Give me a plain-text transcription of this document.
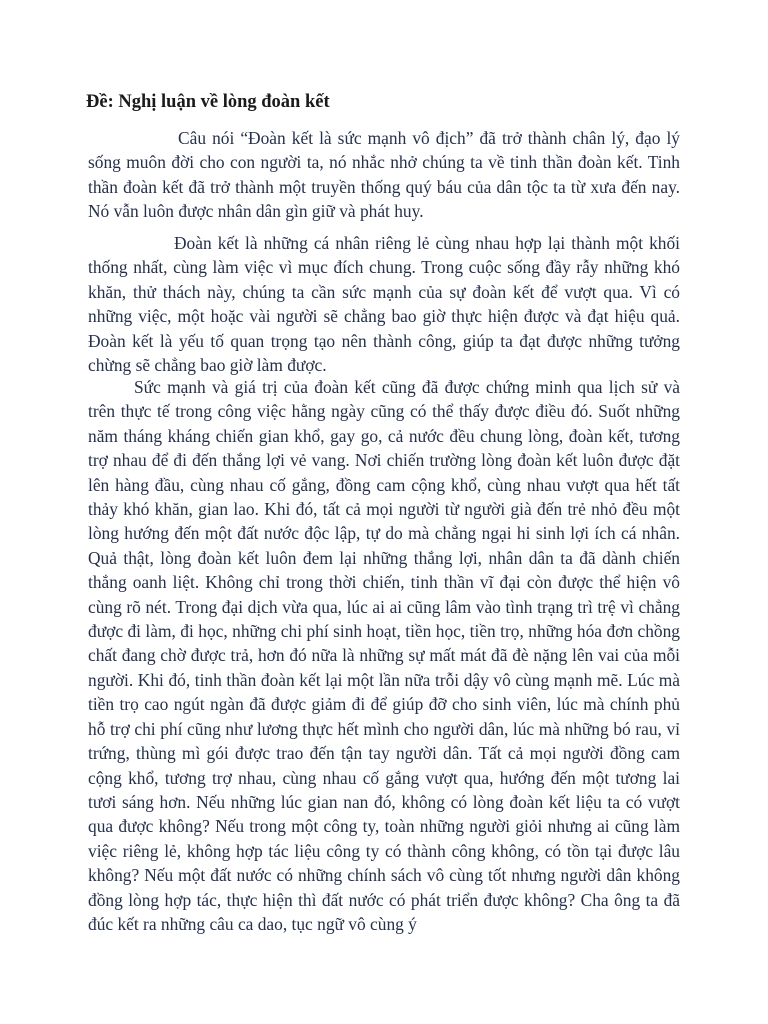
Đề: Nghị luận về lòng đoàn kết

Câu nói “Đoàn kết là sức mạnh vô địch” đã trở thành chân lý, đạo lý sống muôn đời cho con người ta, nó nhắc nhở chúng ta về tinh thần đoàn kết. Tinh thần đoàn kết đã trở thành một truyền thống quý báu của dân tộc ta từ xưa đến nay. Nó vẫn luôn được nhân dân gìn giữ và phát huy.

Đoàn kết là những cá nhân riêng lẻ cùng nhau hợp lại thành một khối thống nhất, cùng làm việc vì mục đích chung. Trong cuộc sống đầy rẫy những khó khăn, thử thách này, chúng ta cần sức mạnh của sự đoàn kết để vượt qua. Vì có những việc, một hoặc vài người sẽ chẳng bao giờ thực hiện được và đạt hiệu quả. Đoàn kết là yếu tố quan trọng tạo nên thành công, giúp ta đạt được những tưởng chừng sẽ chẳng bao giờ làm được.

Sức mạnh và giá trị của đoàn kết cũng đã được chứng minh qua lịch sử và trên thực tế trong công việc hằng ngày cũng có thể thấy được điều đó. Suốt những năm tháng kháng chiến gian khổ, gay go, cả nước đều chung lòng, đoàn kết, tương trợ nhau để đi đến thắng lợi vẻ vang. Nơi chiến trường lòng đoàn kết luôn được đặt lên hàng đầu, cùng nhau cố gắng, đồng cam cộng khổ, cùng nhau vượt qua hết tất thảy khó khăn, gian lao. Khi đó, tất cả mọi người từ người già đến trẻ nhỏ đều một lòng hướng đến một đất nước độc lập, tự do mà chẳng ngại hi sinh lợi ích cá nhân. Quả thật, lòng đoàn kết luôn đem lại những thắng lợi, nhân dân ta đã dành chiến thắng oanh liệt. Không chỉ trong thời chiến, tinh thần vĩ đại còn được thể hiện vô cùng rõ nét. Trong đại dịch vừa qua, lúc ai ai cũng lâm vào tình trạng trì trệ vì chẳng được đi làm, đi học, những chi phí sinh hoạt, tiền học, tiền trọ, những hóa đơn chồng chất đang chờ được trả, hơn đó nữa là những sự mất mát đã đè nặng lên vai của mỗi người. Khi đó, tinh thần đoàn kết lại một lần nữa trỗi dậy vô cùng mạnh mẽ. Lúc mà tiền trọ cao ngút ngàn đã được giảm đi để giúp đỡ cho sinh viên, lúc mà chính phủ hỗ trợ chi phí cũng như lương thực hết mình cho người dân, lúc mà những bó rau, vỉ trứng, thùng mì gói được trao đến tận tay người dân. Tất cả mọi người đồng cam cộng khổ, tương trợ nhau, cùng nhau cố gắng vượt qua, hướng đến một tương lai tươi sáng hơn. Nếu những lúc gian nan đó, không có lòng đoàn kết liệu ta có vượt qua được không? Nếu trong một công ty, toàn những người giỏi nhưng ai cũng làm việc riêng lẻ, không hợp tác liệu công ty có thành công không, có tồn tại được lâu không? Nếu một đất nước có những chính sách vô cùng tốt nhưng người dân không đồng lòng hợp tác, thực hiện thì đất nước có phát triển được không? Cha ông ta đã đúc kết ra những câu ca dao, tục ngữ vô cùng ý
